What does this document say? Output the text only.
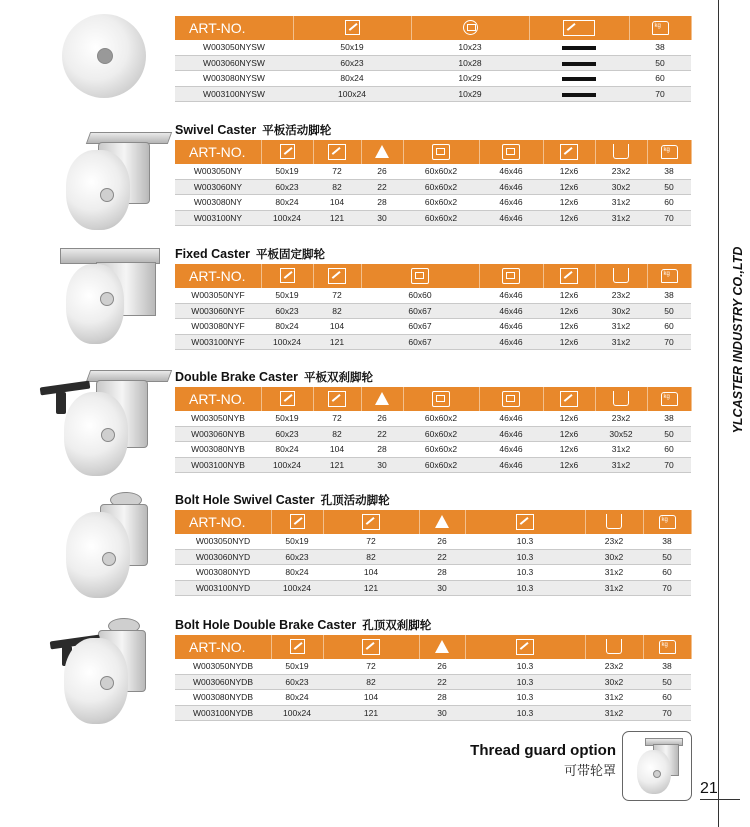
YLCASTER INDUSTRY CO.,LTD
21
ART-NO.				kg
W003050NYSW	50x19	10x23		38
W003060NYSW	60x23	10x28		50
W003080NYSW	80x24	10x29		60
W003100NYSW	100x24	10x29		70
Swivel Caster 平板活动脚轮
ART-NO.								kg
W003050NY	50x19	72	26	60x60x2	46x46	12x6	23x2	38
W003060NY	60x23	82	22	60x60x2	46x46	12x6	30x2	50
W003080NY	80x24	104	28	60x60x2	46x46	12x6	31x2	60
W003100NY	100x24	121	30	60x60x2	46x46	12x6	31x2	70
Fixed Caster 平板固定脚轮
ART-NO.							kg
W003050NYF	50x19	72	60x60	46x46	12x6	23x2	38
W003060NYF	60x23	82	60x67	46x46	12x6	30x2	50
W003080NYF	80x24	104	60x67	46x46	12x6	31x2	60
W003100NYF	100x24	121	60x67	46x46	12x6	31x2	70
Double Brake Caster 平板双刹脚轮
ART-NO.								kg
W003050NYB	50x19	72	26	60x60x2	46x46	12x6	23x2	38
W003060NYB	60x23	82	22	60x60x2	46x46	12x6	30x52	50
W003080NYB	80x24	104	28	60x60x2	46x46	12x6	31x2	60
W003100NYB	100x24	121	30	60x60x2	46x46	12x6	31x2	70
Bolt Hole Swivel Caster 孔顶活动脚轮
ART-NO.						kg
W003050NYD	50x19	72	26	10.3	23x2	38
W003060NYD	60x23	82	22	10.3	30x2	50
W003080NYD	80x24	104	28	10.3	31x2	60
W003100NYD	100x24	121	30	10.3	31x2	70
Bolt Hole Double Brake Caster 孔顶双刹脚轮
ART-NO.						kg
W003050NYDB	50x19	72	26	10.3	23x2	38
W003060NYDB	60x23	82	22	10.3	30x2	50
W003080NYDB	80x24	104	28	10.3	31x2	60
W003100NYDB	100x24	121	30	10.3	31x2	70
Thread guard option
可带轮罩
